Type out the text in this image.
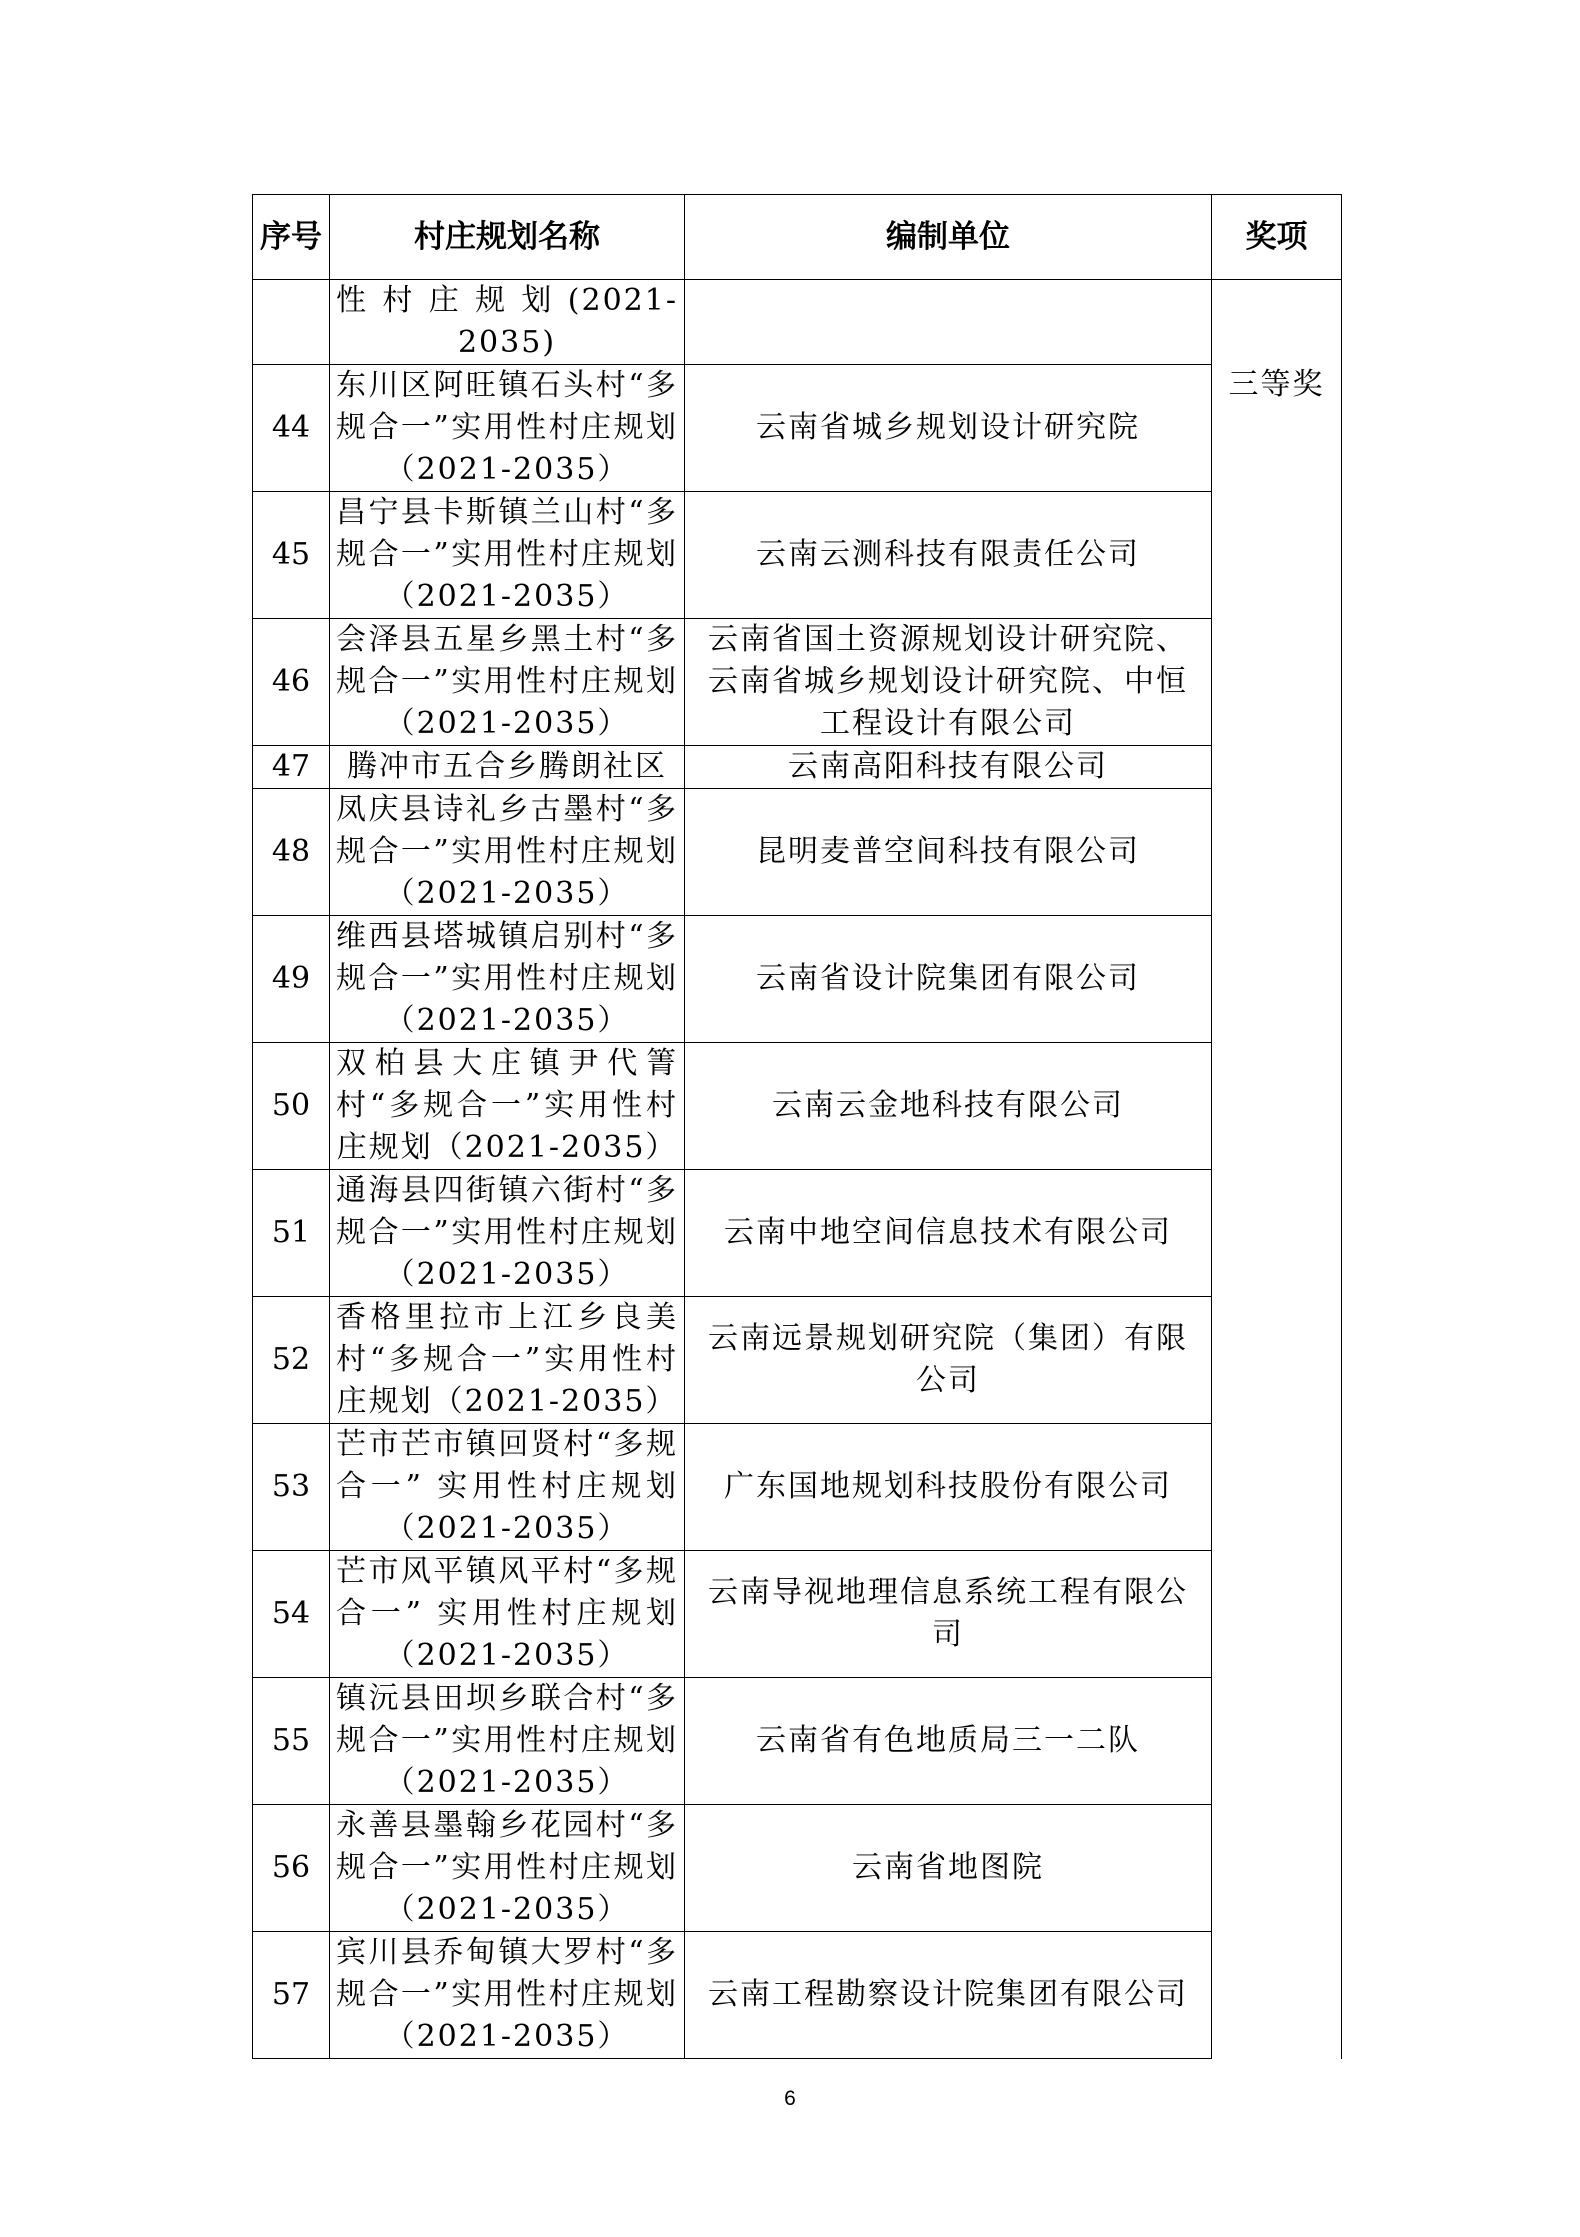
序号	村庄规划名称	编制单位	奖项
	性村庄规划(2021-2035)		三等奖
44	东川区阿旺镇石头村“多规合一”实用性村庄规划（2021-2035）	云南省城乡规划设计研究院	
45	昌宁县卡斯镇兰山村“多规合一”实用性村庄规划（2021-2035）	云南云测科技有限责任公司	
46	会泽县五星乡黑土村“多规合一”实用性村庄规划（2021-2035）	云南省国土资源规划设计研究院、云南省城乡规划设计研究院、中恒工程设计有限公司	
47	腾冲市五合乡腾朗社区	云南高阳科技有限公司	
48	凤庆县诗礼乡古墨村“多规合一”实用性村庄规划（2021-2035）	昆明麦普空间科技有限公司	
49	维西县塔城镇启别村“多规合一”实用性村庄规划（2021-2035）	云南省设计院集团有限公司	
50	双柏县大庄镇尹代箐村“多规合一”实用性村庄规划（2021-2035）	云南云金地科技有限公司	
51	通海县四街镇六街村“多规合一”实用性村庄规划（2021-2035）	云南中地空间信息技术有限公司	
52	香格里拉市上江乡良美村“多规合一”实用性村庄规划（2021-2035）	云南远景规划研究院（集团）有限公司	
53	芒市芒市镇回贤村“多规合一” 实用性村庄规划（2021-2035）	广东国地规划科技股份有限公司	
54	芒市风平镇风平村“多规合一” 实用性村庄规划（2021-2035）	云南导视地理信息系统工程有限公司	
55	镇沅县田坝乡联合村“多规合一”实用性村庄规划（2021-2035）	云南省有色地质局三一二队	
56	永善县墨翰乡花园村“多规合一”实用性村庄规划（2021-2035）	云南省地图院	
57	宾川县乔甸镇大罗村“多规合一”实用性村庄规划（2021-2035）	云南工程勘察设计院集团有限公司	
6
